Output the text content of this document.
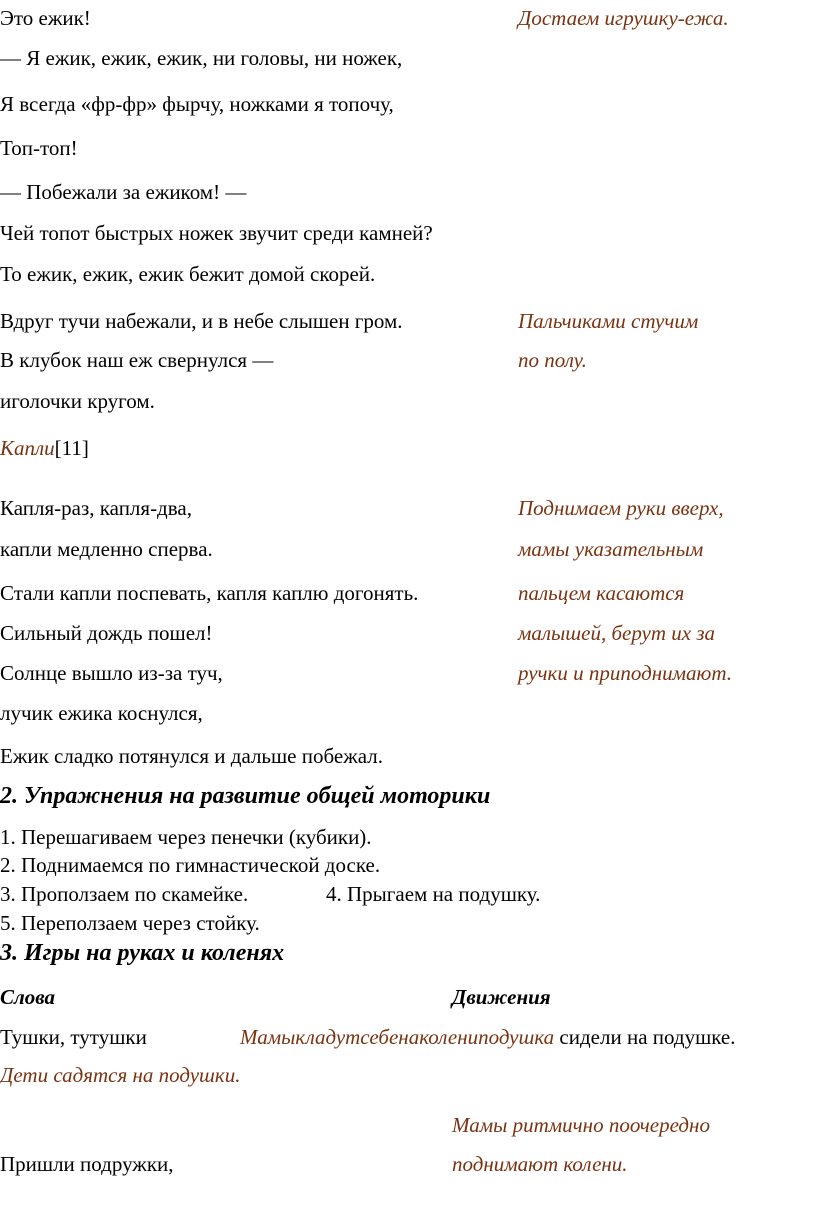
Это ежик!	Достаем игрушку-ежа.
— Я ежик, ежик, ежик, ни головы, ни ножек,
Я всегда «фр-фр» фырчу, ножками я топочу,
Топ-топ!
— Побежали за ежиком! —
Чей топот быстрых ножек звучит среди камней?
То ежик, ежик, ежик бежит домой скорей.
Вдруг тучи набежали, и в небе слышен гром.	Пальчиками стучим
В клубок наш еж свернулся —	по полу.
иголочки кругом.
Капли[11]
Капля-раз, капля-два,	Поднимаем руки вверх,
капли медленно сперва.	мамы указательным
Стали капли поспевать, капля каплю догонять.	пальцем касаются
Сильный дождь пошел!	малышей, берут их за
Солнце вышло из-за туч,	ручки и приподнимают.
лучик ежика коснулся,
Ежик сладко потянулся и дальше побежал.
2. Упражнения на развитие общей моторики
1. Перешагиваем через пенечки (кубики).
2. Поднимаемся по гимнастической доске.
3. Проползаем по скамейке.	4. Прыгаем на подушку.
5. Переползаем через стойку.
3. Игры на руках и коленях
Слова	Движения
Тушки, тутушки	Мамыкладутсебенаколениподушка сидели на подушке.
Дети садятся на подушки.
Мамы ритмично поочередно
Пришли подружки,	поднимают колени.
